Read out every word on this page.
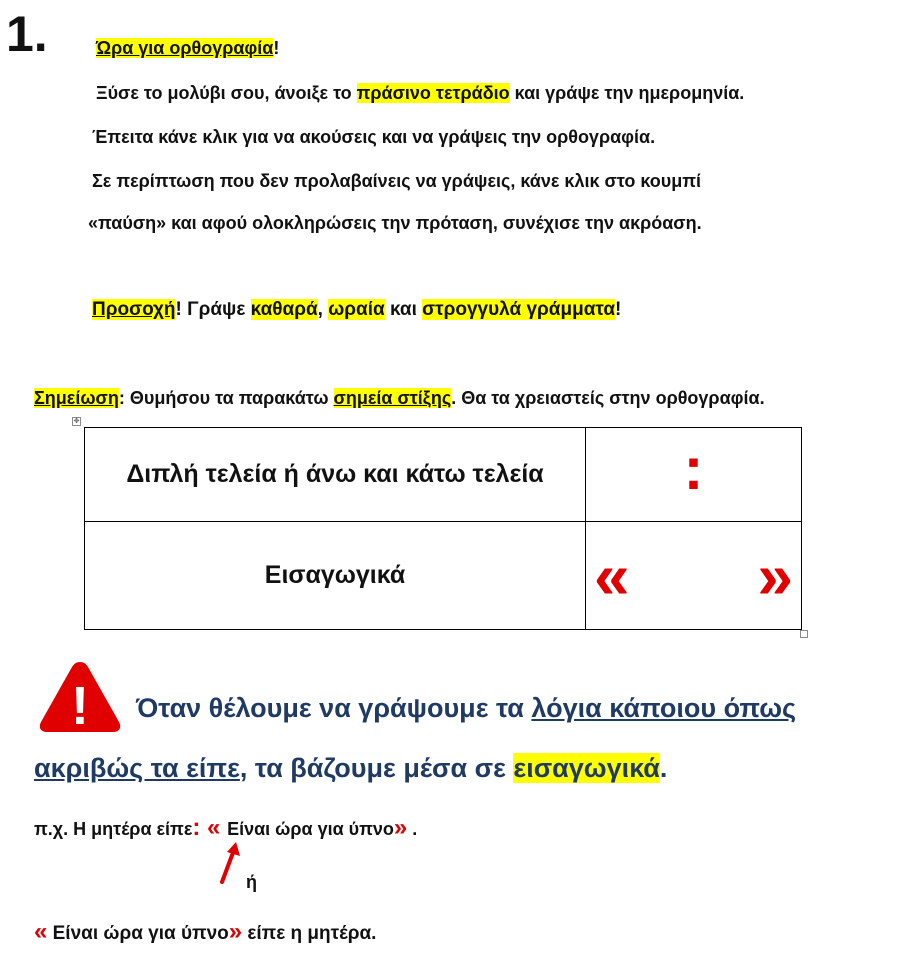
1.	Ώρα για ορθογραφία!
Ξύσε το μολύβι σου, άνοιξε το πράσινο τετράδιο και γράψε την ημερομηνία.
Έπειτα κάνε κλικ για να ακούσεις και να γράψεις την ορθογραφία.
Σε περίπτωση που δεν προλαβαίνεις να γράψεις, κάνε κλικ στο κουμπί
«παύση» και αφού ολοκληρώσεις την πρόταση, συνέχισε την ακρόαση.
Προσοχή! Γράψε καθαρά, ωραία και στρογγυλά γράμματα!
Σημείωση: Θυμήσου τα παρακάτω σημεία στίξης. Θα τα χρειαστείς στην ορθογραφία.
✥
Διπλή τελεία ή άνω και κάτω τελεία	:
Εισαγωγικά	« »
! Όταν θέλουμε να γράψουμε τα λόγια κάποιου όπως
ακριβώς τα είπε, τα βάζουμε μέσα σε εισαγωγικά.
π.χ. Η μητέρα είπε: « Είναι ώρα για ύπνο» .
ή
« Είναι ώρα για ύπνο» είπε η μητέρα.
